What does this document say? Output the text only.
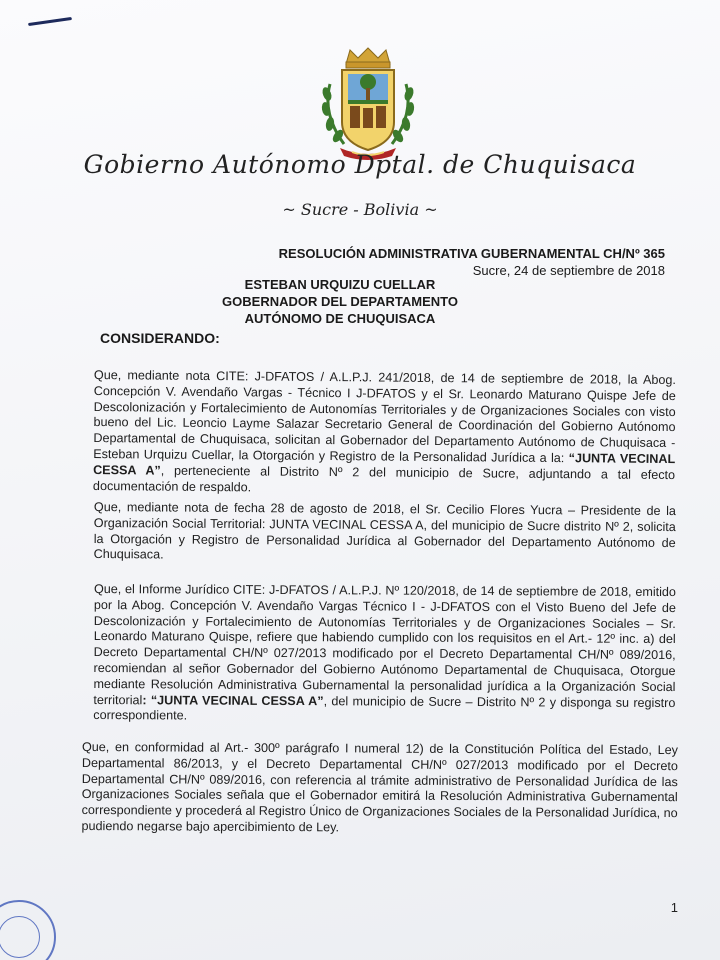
Gobierno Autónomo Dptal. de Chuquisaca
~ Sucre - Bolivia ~
RESOLUCIÓN ADMINISTRATIVA GUBERNAMENTAL CH/Nº 365
Sucre, 24 de septiembre de 2018
ESTEBAN URQUIZU CUELLAR
GOBERNADOR DEL DEPARTAMENTO
AUTÓNOMO DE CHUQUISACA
CONSIDERANDO:

Que, mediante nota CITE: J-DFATOS / A.L.P.J. 241/2018, de 14 de septiembre de 2018, la Abog. Concepción V. Avendaño Vargas - Técnico I J-DFATOS y el Sr. Leonardo Maturano Quispe Jefe de Descolonización y Fortalecimiento de Autonomías Territoriales y de Organizaciones Sociales con visto bueno del Lic. Leoncio Layme Salazar Secretario General de Coordinación del Gobierno Autónomo Departamental de Chuquisaca, solicitan al Gobernador del Departamento Autónomo de Chuquisaca - Esteban Urquizu Cuellar, la Otorgación y Registro de la Personalidad Jurídica a la: “JUNTA VECINAL CESSA A”, perteneciente al Distrito Nº 2 del municipio de Sucre, adjuntando a tal efecto documentación de respaldo.

Que, mediante nota de fecha 28 de agosto de 2018, el Sr. Cecilio Flores Yucra – Presidente de la Organización Social Territorial: JUNTA VECINAL CESSA A, del municipio de Sucre distrito Nº 2, solicita la Otorgación y Registro de Personalidad Jurídica al Gobernador del Departamento Autónomo de Chuquisaca.

Que, el Informe Jurídico CITE: J-DFATOS / A.L.P.J. Nº 120/2018, de 14 de septiembre de 2018, emitido por la Abog. Concepción V. Avendaño Vargas Técnico I - J-DFATOS con el Visto Bueno del Jefe de Descolonización y Fortalecimiento de Autonomías Territoriales y de Organizaciones Sociales – Sr. Leonardo Maturano Quispe, refiere que habiendo cumplido con los requisitos en el Art.- 12º inc. a) del Decreto Departamental CH/Nº 027/2013 modificado por el Decreto Departamental CH/Nº 089/2016, recomiendan al señor Gobernador del Gobierno Autónomo Departamental de Chuquisaca, Otorgue mediante Resolución Administrativa Gubernamental la personalidad jurídica a la Organización Social territorial: “JUNTA VECINAL CESSA A”, del municipio de Sucre – Distrito Nº 2 y disponga su registro correspondiente.

Que, en conformidad al Art.- 300º parágrafo I numeral 12) de la Constitución Política del Estado, Ley Departamental 86/2013, y el Decreto Departamental CH/Nº 027/2013 modificado por el Decreto Departamental CH/Nº 089/2016, con referencia al trámite administrativo de Personalidad Jurídica de las Organizaciones Sociales señala que el Gobernador emitirá la Resolución Administrativa Gubernamental correspondiente y procederá al Registro Único de Organizaciones Sociales de la Personalidad Jurídica, no pudiendo negarse bajo apercibimiento de Ley.

1
